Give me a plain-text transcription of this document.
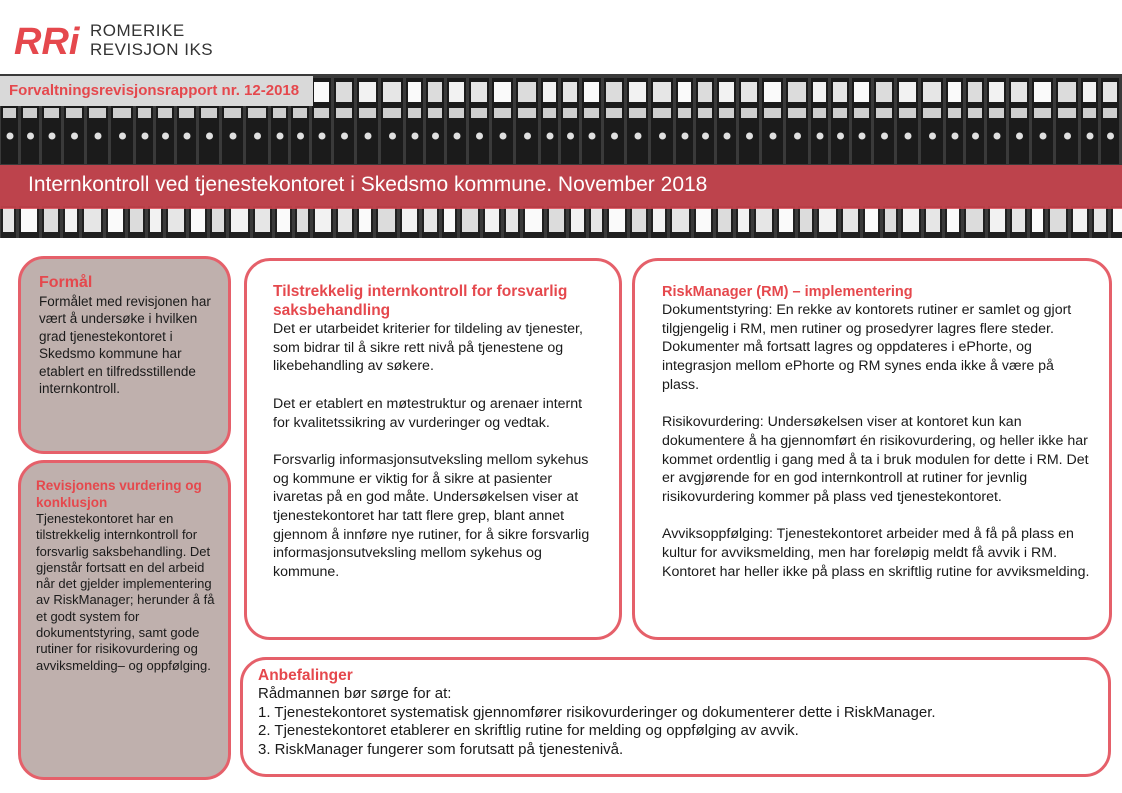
RRi ROMERIKE
REVISJON IKS
Forvaltningsrevisjonsrapport nr. 12-2018
Internkontroll ved tjenestekontoret i Skedsmo kommune. November 2018
Formål

Formålet med revisjonen har vært å undersøke i hvilken grad tjenestekontoret i Skedsmo kommune har etablert en tilfredsstillende internkontroll.

Revisjonens vurdering og konklusjon

Tjenestekontoret har en tilstrekkelig internkontroll for forsvarlig saksbehandling. Det gjenstår fortsatt en del arbeid når det gjelder implementering av RiskManager; herunder å få et godt system for dokumentstyring, samt gode rutiner for risikovurdering og avviksmelding– og oppfølging.

Tilstrekkelig internkontroll for forsvarlig saksbehandling

Det er utarbeidet kriterier for tildeling av tjenester, som bidrar til å sikre rett nivå på tjenestene og likebehandling av søkere.

Det er etablert en møtestruktur og arenaer internt for kvalitetssikring av vurderinger og vedtak.

Forsvarlig informasjonsutveksling mellom sykehus og kommune er viktig for å sikre at pasienter ivaretas på en god måte. Undersøkelsen viser at tjenestekontoret har tatt flere grep, blant annet gjennom å innføre nye rutiner, for å sikre forsvarlig informasjonsutveksling mellom sykehus og kommune.

RiskManager (RM) – implementering

Dokumentstyring: En rekke av kontorets rutiner er samlet og gjort tilgjengelig i RM, men rutiner og prosedyrer lagres flere steder. Dokumenter må fortsatt lagres og oppdateres i ePhorte, og integrasjon mellom ePhorte og RM synes enda ikke å være på plass.

Risikovurdering: Undersøkelsen viser at kontoret kun kan dokumentere å ha gjennomført én risikovurdering, og heller ikke har kommet ordentlig i gang med å ta i bruk modulen for dette i RM. Det er avgjørende for en god internkontroll at rutiner for jevnlig risikovurdering kommer på plass ved tjenestekontoret.

Avviksoppfølging: Tjenestekontoret arbeider med å få på plass en kultur for avviksmelding, men har foreløpig meldt få avvik i RM. Kontoret har heller ikke på plass en skriftlig rutine for avviksmelding.

Anbefalinger

Rådmannen bør sørge for at:

1. Tjenestekontoret systematisk gjennomfører risikovurderinger og dokumenterer dette i RiskManager.

2. Tjenestekontoret etablerer en skriftlig rutine for melding og oppfølging av avvik.

3. RiskManager fungerer som forutsatt på tjenestenivå.
